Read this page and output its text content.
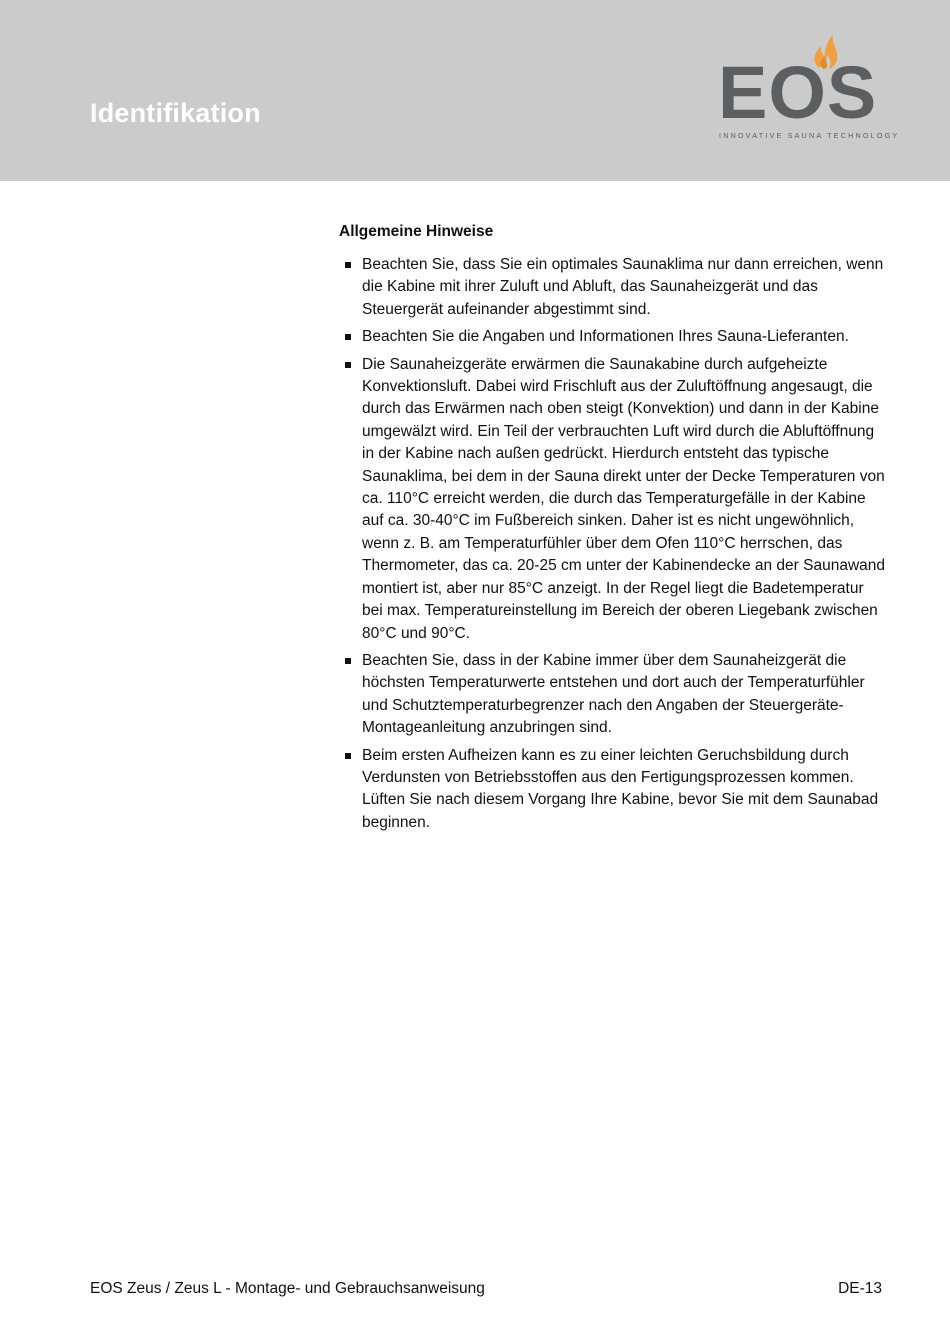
Identifikation	EOS
INNOVATIVE SAUNA TECHNOLOGY
Allgemeine Hinweise
Beachten Sie, dass Sie ein optimales Saunaklima nur dann erreichen, wenn die Kabine mit ihrer Zuluft und Abluft, das Saunaheizgerät und das Steuergerät aufeinander abgestimmt sind.
Beachten Sie die Angaben und Informationen Ihres Sauna-Lieferanten.
Die Saunaheizgeräte erwärmen die Saunakabine durch aufgeheizte Konvektionsluft. Dabei wird Frischluft aus der Zuluftöffnung angesaugt, die durch das Erwärmen nach oben steigt (Konvektion) und dann in der Kabine umgewälzt wird. Ein Teil der verbrauchten Luft wird durch die Abluftöffnung in der Kabine nach außen gedrückt. Hierdurch entsteht das typische Saunaklima, bei dem in der Sauna direkt unter der Decke Temperaturen von ca. 110°C erreicht werden, die durch das Temperaturgefälle in der Kabine auf ca. 30-40°C im Fußbereich sinken. Daher ist es nicht ungewöhnlich, wenn z. B. am Temperaturfühler über dem Ofen 110°C herrschen, das Thermometer, das ca. 20-25 cm unter der Kabinendecke an der Saunawand montiert ist, aber nur 85°C anzeigt. In der Regel liegt die Badetemperatur bei max. Temperatureinstellung im Bereich der oberen Liegebank zwischen 80°C und 90°C.
Beachten Sie, dass in der Kabine immer über dem Saunaheizgerät die höchsten Temperaturwerte entstehen und dort auch der Temperaturfühler und Schutztemperaturbegrenzer nach den Angaben der Steuergeräte-Montageanleitung anzubringen sind.
Beim ersten Aufheizen kann es zu einer leichten Geruchsbildung durch Verdunsten von Betriebsstoffen aus den Fertigungsprozessen kommen. Lüften Sie nach diesem Vorgang Ihre Kabine, bevor Sie mit dem Saunabad beginnen.
EOS Zeus / Zeus L - Montage- und Gebrauchsanweisung	DE-13
